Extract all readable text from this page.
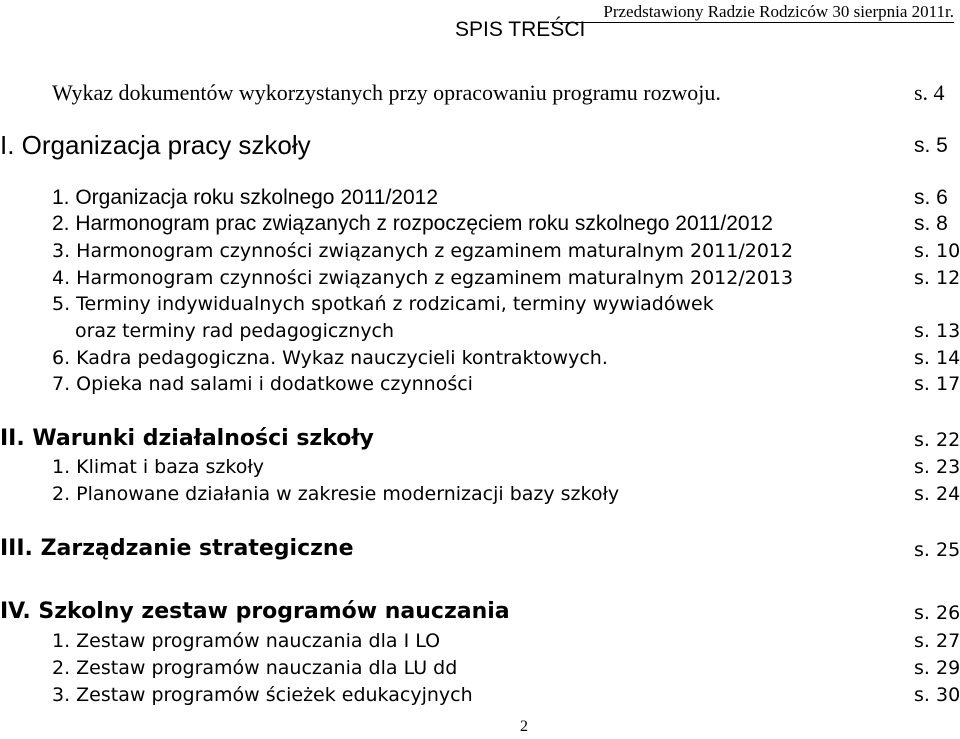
Przedstawiony Radzie Rodziców 30 sierpnia 2011r.
SPIS TREŚCI
Wykaz dokumentów wykorzystanych przy opracowaniu programu rozwoju.	s. 4
I. Organizacja pracy szkoły	s. 5
1. Organizacja roku szkolnego 2011/2012	s. 6
2. Harmonogram prac związanych z rozpoczęciem roku szkolnego 2011/2012	s. 8
3. Harmonogram czynności związanych z egzaminem maturalnym 2011/2012	s. 10
4. Harmonogram czynności związanych z egzaminem maturalnym 2012/2013	s. 12
5. Terminy indywidualnych spotkań z rodzicami, terminy wywiadówek
oraz terminy rad pedagogicznych	s. 13
6. Kadra pedagogiczna. Wykaz nauczycieli kontraktowych.	s. 14
7. Opieka nad salami i dodatkowe czynności	s. 17
II. Warunki działalności szkoły	s. 22
1. Klimat i baza szkoły	s. 23
2. Planowane działania w zakresie modernizacji bazy szkoły	s. 24
III. Zarządzanie strategiczne	s. 25
IV. Szkolny zestaw programów nauczania	s. 26
1. Zestaw programów nauczania dla I LO	s. 27
2. Zestaw programów nauczania dla LU dd	s. 29
3. Zestaw programów ścieżek edukacyjnych	s. 30
2
